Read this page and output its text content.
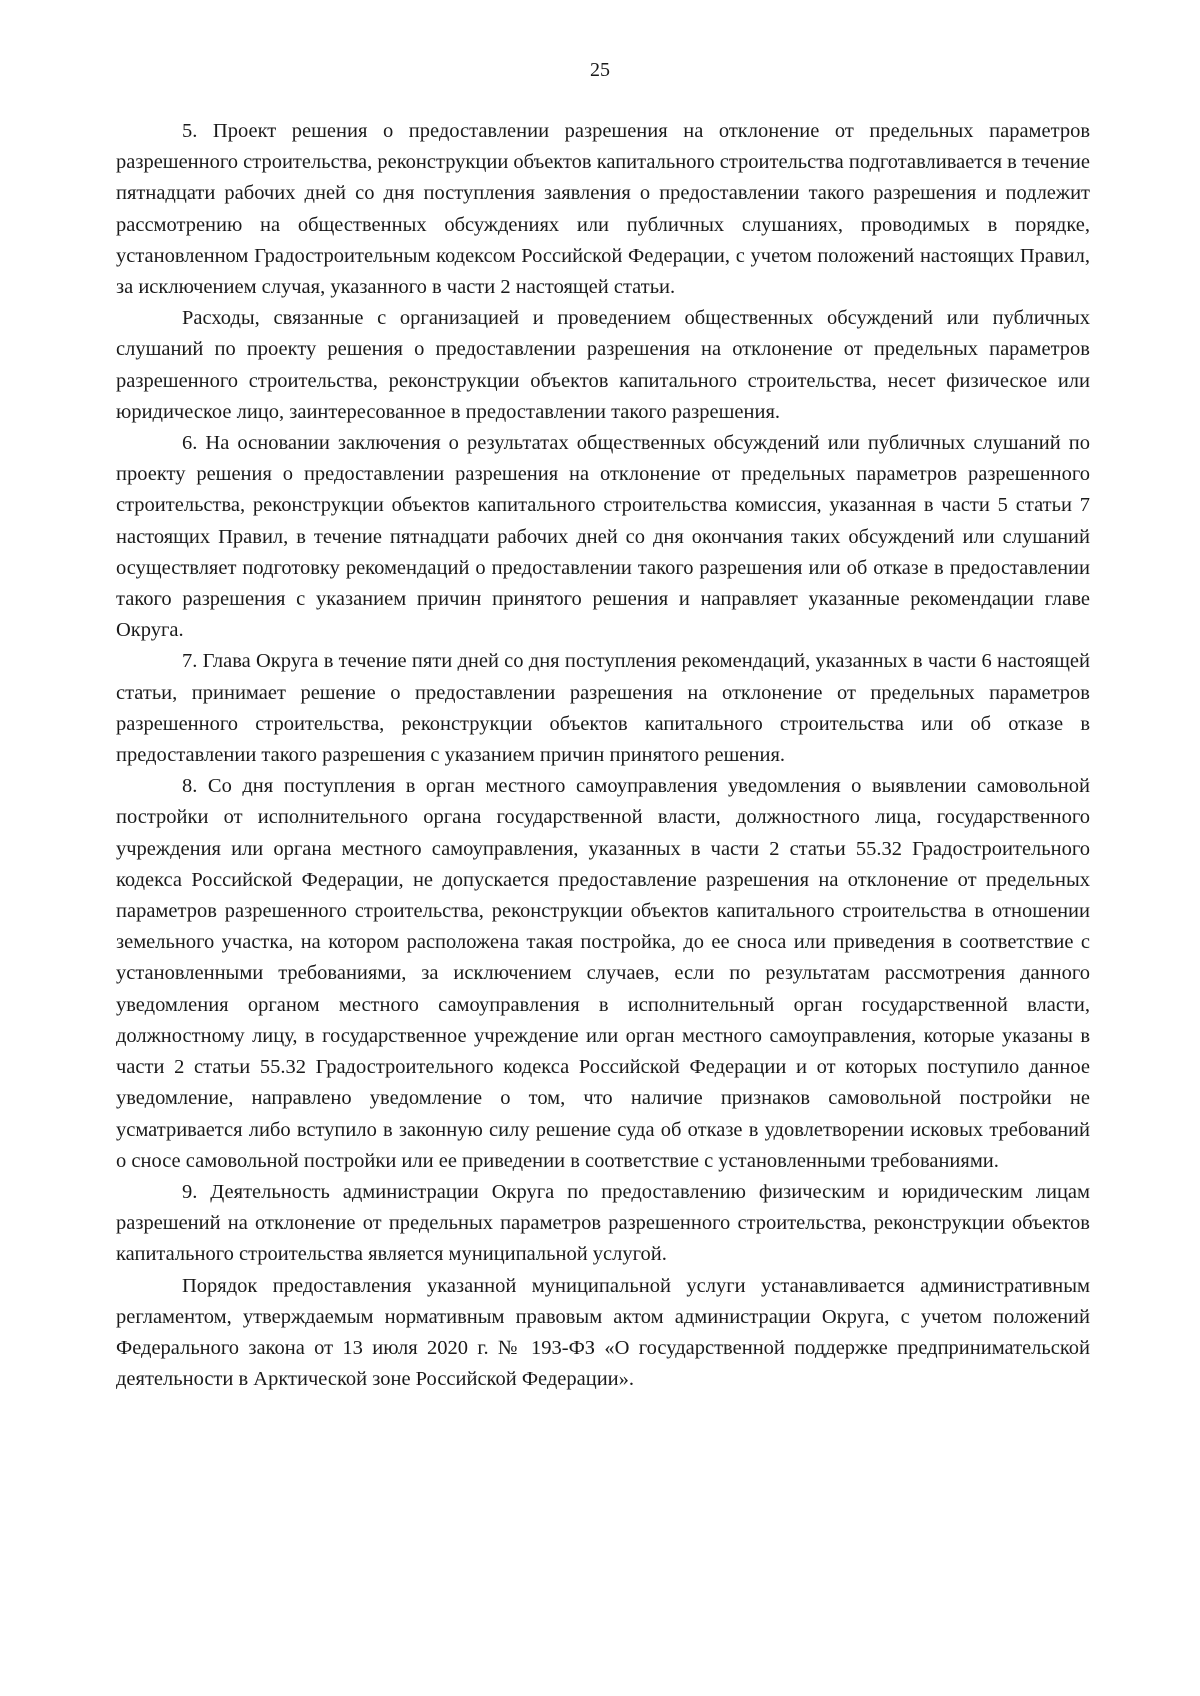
25

5. Проект решения о предоставлении разрешения на отклонение от предельных параметров разрешенного строительства, реконструкции объектов капитального строительства подготавливается в течение пятнадцати рабочих дней со дня поступления заявления о предоставлении такого разрешения и подлежит рассмотрению на общественных обсуждениях или публичных слушаниях, проводимых в порядке, установленном Градостроительным кодексом Российской Федерации, с учетом положений настоящих Правил, за исключением случая, указанного в части 2 настоящей статьи.

Расходы, связанные с организацией и проведением общественных обсуждений или публичных слушаний по проекту решения о предоставлении разрешения на отклонение от предельных параметров разрешенного строительства, реконструкции объектов капитального строительства, несет физическое или юридическое лицо, заинтересованное в предоставлении такого разрешения.

6. На основании заключения о результатах общественных обсуждений или публичных слушаний по проекту решения о предоставлении разрешения на отклонение от предельных параметров разрешенного строительства, реконструкции объектов капитального строительства комиссия, указанная в части 5 статьи 7 настоящих Правил, в течение пятнадцати рабочих дней со дня окончания таких обсуждений или слушаний осуществляет подготовку рекомендаций о предоставлении такого разрешения или об отказе в предоставлении такого разрешения с указанием причин принятого решения и направляет указанные рекомендации главе Округа.

7. Глава Округа в течение пяти дней со дня поступления рекомендаций, указанных в части 6 настоящей статьи, принимает решение о предоставлении разрешения на отклонение от предельных параметров разрешенного строительства, реконструкции объектов капитального строительства или об отказе в предоставлении такого разрешения с указанием причин принятого решения.

8. Со дня поступления в орган местного самоуправления уведомления о выявлении самовольной постройки от исполнительного органа государственной власти, должностного лица, государственного учреждения или органа местного самоуправления, указанных в части 2 статьи 55.32 Градостроительного кодекса Российской Федерации, не допускается предоставление разрешения на отклонение от предельных параметров разрешенного строительства, реконструкции объектов капитального строительства в отношении земельного участка, на котором расположена такая постройка, до ее сноса или приведения в соответствие с установленными требованиями, за исключением случаев, если по результатам рассмотрения данного уведомления органом местного самоуправления в исполнительный орган государственной власти, должностному лицу, в государственное учреждение или орган местного самоуправления, которые указаны в части 2 статьи 55.32 Градостроительного кодекса Российской Федерации и от которых поступило данное уведомление, направлено уведомление о том, что наличие признаков самовольной постройки не усматривается либо вступило в законную силу решение суда об отказе в удовлетворении исковых требований о сносе самовольной постройки или ее приведении в соответствие с установленными требованиями.

9. Деятельность администрации Округа по предоставлению физическим и юридическим лицам разрешений на отклонение от предельных параметров разрешенного строительства, реконструкции объектов капитального строительства является муниципальной услугой.

Порядок предоставления указанной муниципальной услуги устанавливается административным регламентом, утверждаемым нормативным правовым актом администрации Округа, с учетом положений Федерального закона от 13 июля 2020 г. № 193-ФЗ «О государственной поддержке предпринимательской деятельности в Арктической зоне Российской Федерации».
